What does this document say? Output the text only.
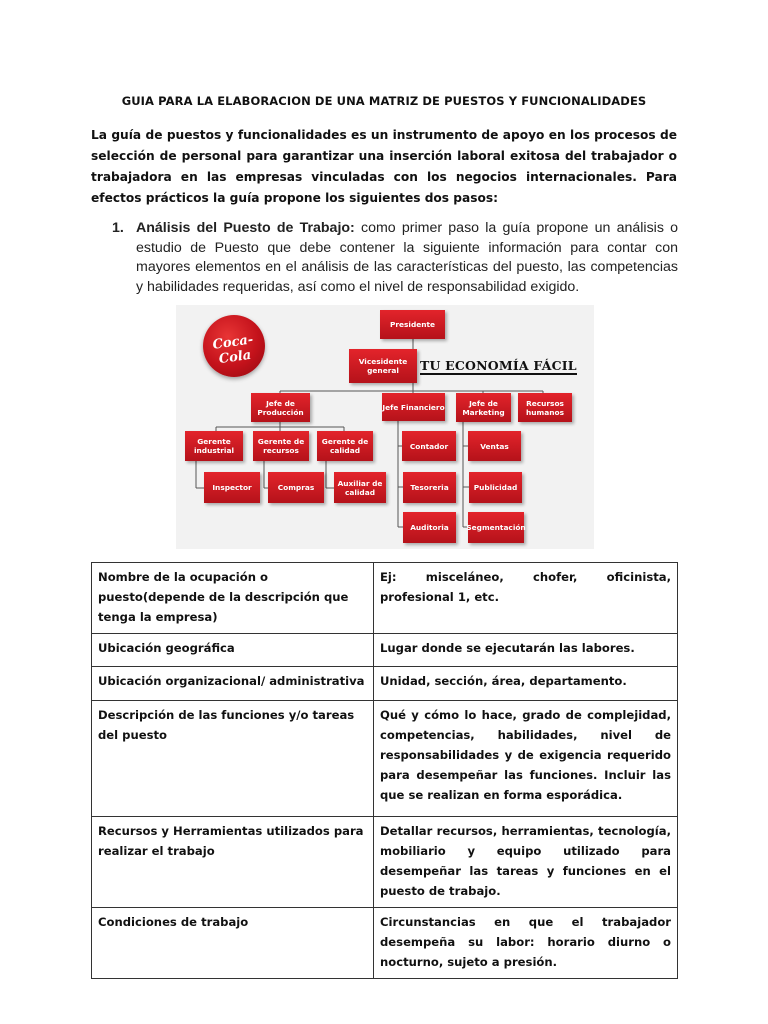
GUIA PARA LA ELABORACION DE UNA MATRIZ DE PUESTOS Y FUNCIONALIDADES
La guía de puestos y funcionalidades es un instrumento de apoyo en los procesos de selección de personal para garantizar una inserción laboral exitosa del trabajador o trabajadora en las empresas vinculadas con los negocios internacionales. Para efectos prácticos la guía propone los siguientes dos pasos:
1. Análisis del Puesto de Trabajo: como primer paso la guía propone un análisis o estudio de Puesto que debe contener la siguiente información para contar con mayores elementos en el análisis de las características del puesto, las competencias y habilidades requeridas, así como el nivel de responsabilidad exigido.
Coca-Cola	TU ECONOMÍA FÁCIL
Presidente
Vicesidente general
Jefe de Producción
Jefe Financiero	Jefe de Marketing
Recursos humanos
Gerente industrial
Gerente de recursos
Gerente de calidad	Contador	Ventas
Inspector	Compras	Auxiliar de calidad	Tesoreria	Publicidad
Auditoria	Segmentación
Nombre de la ocupación o puesto(depende de la descripción que tenga la empresa)	Ej: misceláneo, chofer, oficinista, profesional 1, etc.
Ubicación geográfica	Lugar donde se ejecutarán las labores.
Ubicación organizacional/ administrativa	Unidad, sección, área, departamento.
Descripción de las funciones y/o tareas del puesto	Qué y cómo lo hace, grado de complejidad, competencias, habilidades, nivel de responsabilidades y de exigencia requerido para desempeñar las funciones. Incluir las que se realizan en forma esporádica.
Recursos y Herramientas utilizados para realizar el trabajo	Detallar recursos, herramientas, tecnología, mobiliario y equipo utilizado para desempeñar las tareas y funciones en el puesto de trabajo.
Condiciones de trabajo	Circunstancias en que el trabajador desempeña su labor: horario diurno o nocturno, sujeto a presión.
